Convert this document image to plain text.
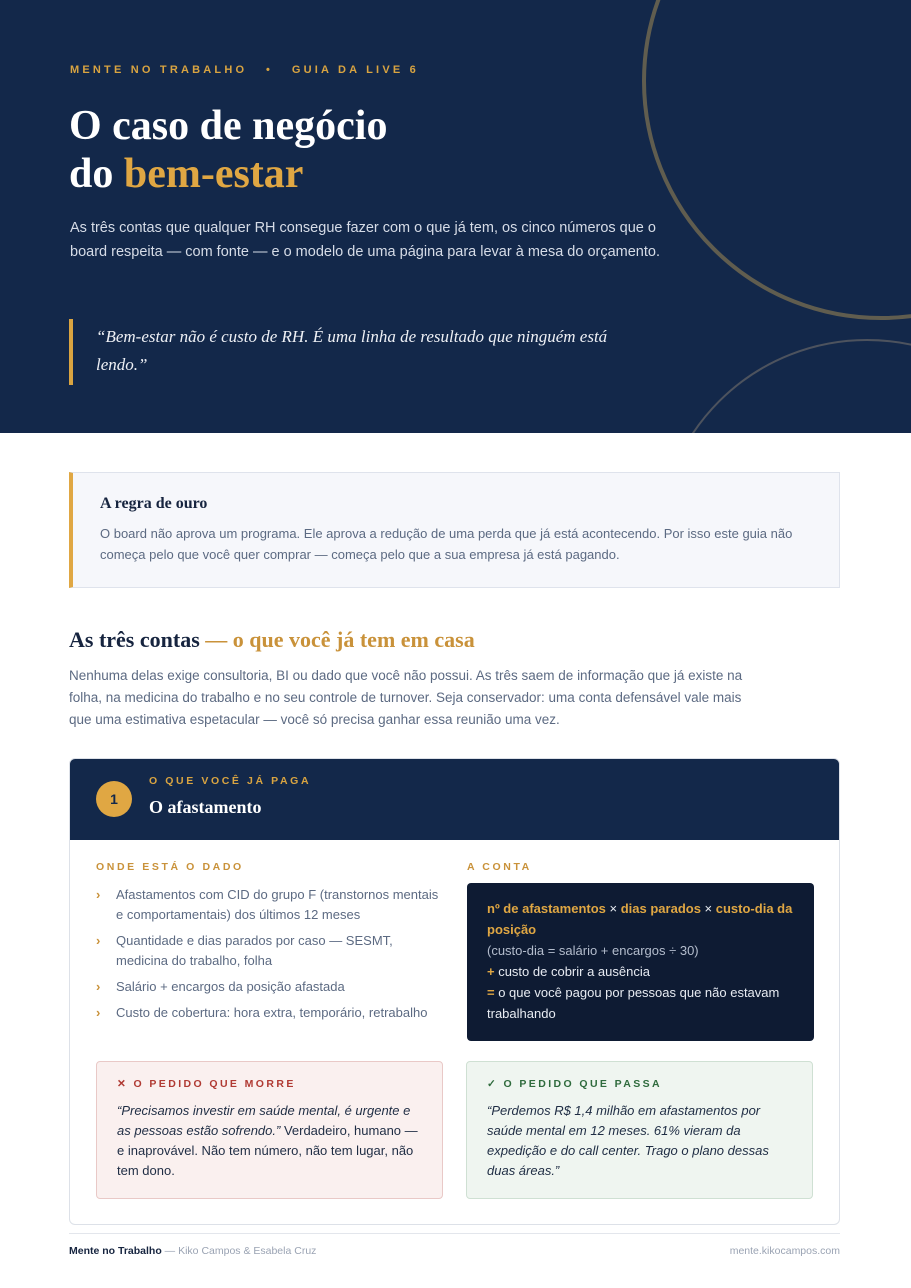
MENTE NO TRABALHO • GUIA DA LIVE 6
O caso de negócio
do bem-estar

As três contas que qualquer RH consegue fazer com o que já tem, os cinco números que o board respeita — com fonte — e o modelo de uma página para levar à mesa do orçamento.

“Bem-estar não é custo de RH. É uma linha de resultado que ninguém está lendo.”
A regra de ouro

O board não aprova um programa. Ele aprova a redução de uma perda que já está acontecendo. Por isso este guia não começa pelo que você quer comprar — começa pelo que a sua empresa já está pagando.

As três contas — o que você já tem em casa

Nenhuma delas exige consultoria, BI ou dado que você não possui. As três saem de informação que já existe na folha, na medicina do trabalho e no seu controle de turnover. Seja conservador: uma conta defensável vale mais que uma estimativa espetacular — você só precisa ganhar essa reunião uma vez.

1
O QUE VOCÊ JÁ PAGA
O afastamento
ONDE ESTÁ O DADO
› Afastamentos com CID do grupo F (transtornos mentais e comportamentais) dos últimos 12 meses
› Quantidade e dias parados por caso — SESMT, medicina do trabalho, folha
› Salário + encargos da posição afastada
› Custo de cobertura: hora extra, temporário, retrabalho
A CONTA
nº de afastamentos × dias parados × custo-dia da posição
(custo-dia = salário + encargos ÷ 30)
+ custo de cobrir a ausência
= o que você pagou por pessoas que não estavam trabalhando
✕ O PEDIDO QUE MORRE

“Precisamos investir em saúde mental, é urgente e as pessoas estão sofrendo.” Verdadeiro, humano — e inaprovável. Não tem número, não tem lugar, não tem dono.

✓ O PEDIDO QUE PASSA

“Perdemos R$ 1,4 milhão em afastamentos por saúde mental em 12 meses. 61% vieram da expedição e do call center. Trago o plano dessas duas áreas.”

Mente no Trabalho — Kiko Campos & Esabela Cruz	mente.kikocampos.com
